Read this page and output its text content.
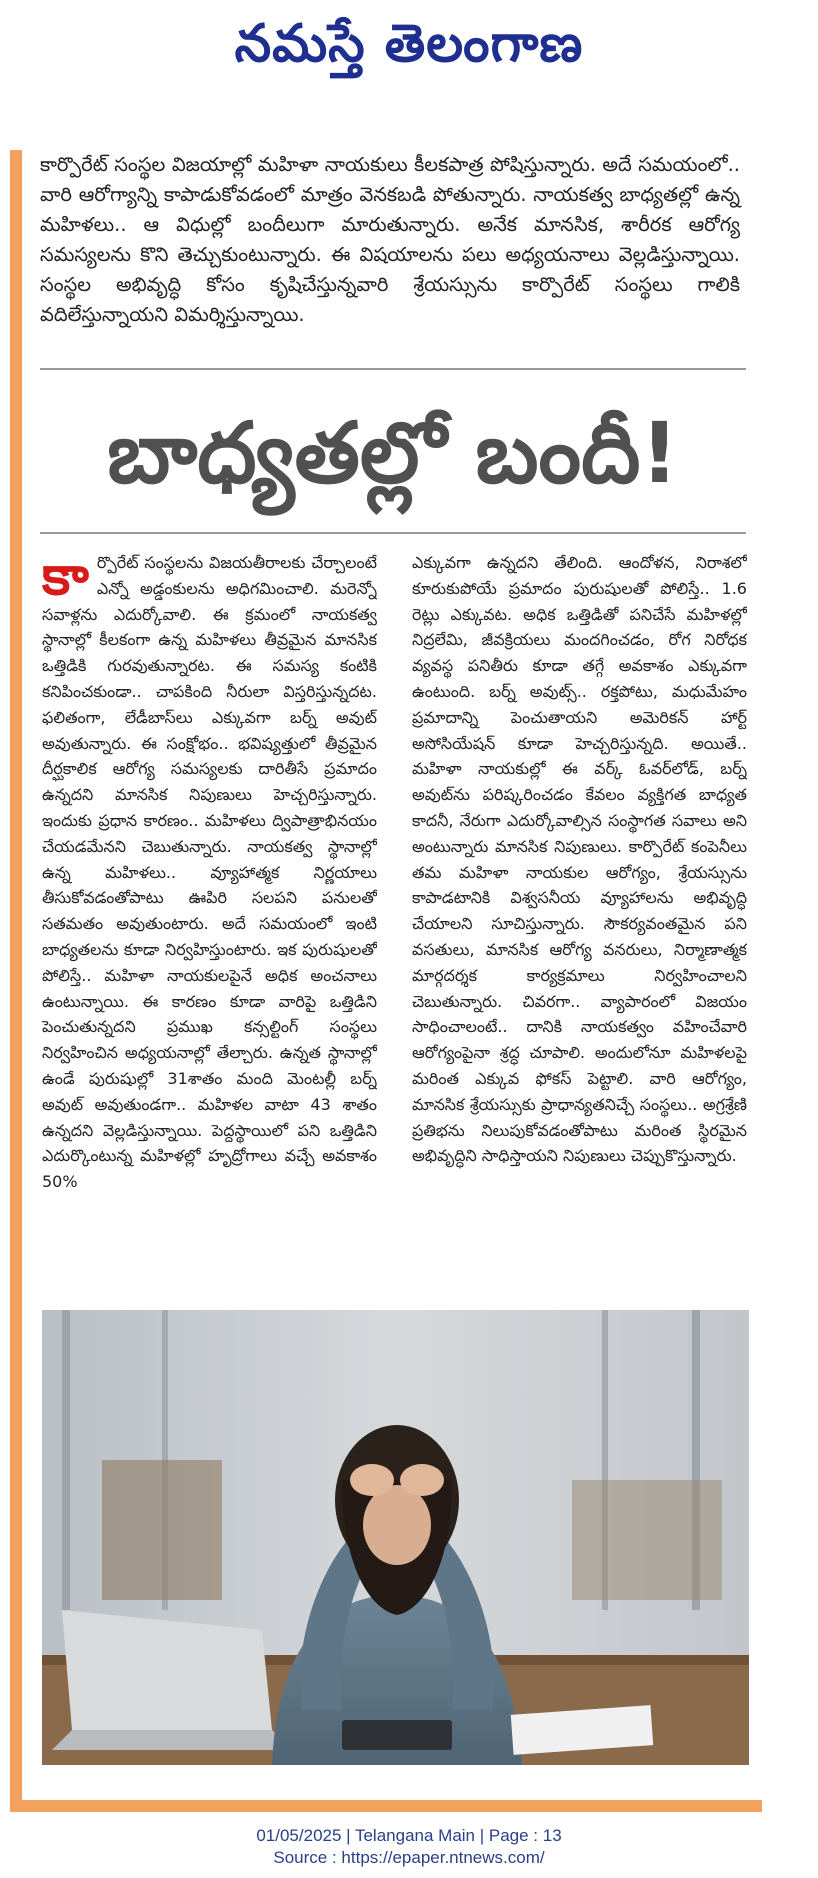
నమస్తే తెలంగాణ
కార్పొరేట్ సంస్థల విజయాల్లో మహిళా నాయకులు కీలకపాత్ర పోషిస్తున్నారు. అదే సమయంలో.. వారి ఆరోగ్యాన్ని కాపాడుకోవడంలో మాత్రం వెనకబడి పోతున్నారు. నాయకత్వ బాధ్యతల్లో ఉన్న మహిళలు.. ఆ విధుల్లో బందీలుగా మారుతున్నారు. అనేక మానసిక, శారీరక ఆరోగ్య సమస్యలను కొని తెచ్చుకుంటున్నారు. ఈ విషయాలను పలు అధ్యయనాలు వెల్లడిస్తున్నాయి. సంస్థల అభివృద్ధి కోసం కృషిచేస్తున్నవారి శ్రేయస్సును కార్పొరేట్ సంస్థలు గాలికి వదిలేస్తున్నాయని విమర్శిస్తున్నాయి.
బాధ్యతల్లో బందీ!
కా ర్పొరేట్ సంస్థలను విజయతీరాలకు చేర్చాలంటే ఎన్నో అడ్డంకులను అధిగమించాలి. మరెన్నో సవాళ్లను ఎదుర్కోవాలి. ఈ క్రమంలో నాయకత్వ స్థానాల్లో కీలకంగా ఉన్న మహిళలు తీవ్రమైన మానసిక ఒత్తిడికి గురవుతున్నారట. ఈ సమస్య కంటికి కనిపించకుండా.. చాపకింది నీరులా విస్తరిస్తున్నదట. ఫలితంగా, లేడీబాస్‌లు ఎక్కువగా బర్న్ అవుట్ అవుతున్నారు. ఈ సంక్షోభం.. భవిష్యత్తులో తీవ్రమైన దీర్ఘకాలిక ఆరోగ్య సమస్యలకు దారితీసే ప్రమాదం ఉన్నదని మానసిక నిపుణులు హెచ్చరిస్తున్నారు. ఇందుకు ప్రధాన కారణం.. మహిళలు ద్విపాత్రాభినయం చేయడమేనని చెబుతున్నారు. నాయకత్వ స్థానాల్లో ఉన్న మహిళలు.. వ్యూహాత్మక నిర్ణయాలు తీసుకోవడంతోపాటు ఊపిరి సలపని పనులతో సతమతం అవుతుంటారు. అదే సమయంలో ఇంటి బాధ్యతలను కూడా నిర్వహిస్తుంటారు. ఇక పురుషులతో పోలిస్తే.. మహిళా నాయకులపైనే అధిక అంచనాలు ఉంటున్నాయి. ఈ కారణం కూడా వారిపై ఒత్తిడిని పెంచుతున్నదని ప్రముఖ కన్సల్టింగ్ సంస్థలు నిర్వహించిన అధ్యయనాల్లో తేల్చారు. ఉన్నత స్థానాల్లో ఉండే పురుషుల్లో 31శాతం మంది మెంటల్లీ బర్న్ అవుట్ అవుతుండగా.. మహిళల వాటా 43 శాతం ఉన్నదని వెల్లడిస్తున్నాయి. పెద్దస్థాయిలో పని ఒత్తిడిని ఎదుర్కొంటున్న మహిళల్లో హృద్రోగాలు వచ్చే అవకాశం 50%
ఎక్కువగా ఉన్నదని తేలింది. ఆందోళన, నిరాశలో కూరుకుపోయే ప్రమాదం పురుషులతో పోలిస్తే.. 1.6 రెట్లు ఎక్కువట. అధిక ఒత్తిడితో పనిచేసే మహిళల్లో నిద్రలేమి, జీవక్రియలు మందగించడం, రోగ నిరోధక వ్యవస్థ పనితీరు కూడా తగ్గే అవకాశం ఎక్కువగా ఉంటుంది. బర్న్ అవుట్స్.. రక్తపోటు, మధుమేహం ప్రమాదాన్ని పెంచుతాయని అమెరికన్ హార్ట్ అసోసియేషన్ కూడా హెచ్చరిస్తున్నది. అయితే.. మహిళా నాయకుల్లో ఈ వర్క్ ఓవర్‌లోడ్, బర్న్ అవుట్‌ను పరిష్కరించడం కేవలం వ్యక్తిగత బాధ్యత కాదనీ, నేరుగా ఎదుర్కోవాల్సిన సంస్థాగత సవాలు అని అంటున్నారు మానసిక నిపుణులు. కార్పొరేట్ కంపెనీలు తమ మహిళా నాయకుల ఆరోగ్యం, శ్రేయస్సును కాపాడటానికి విశ్వసనీయ వ్యూహాలను అభివృద్ధి చేయాలని సూచిస్తున్నారు. సౌకర్యవంతమైన పని వసతులు, మానసిక ఆరోగ్య వనరులు, నిర్మాణాత్మక మార్గదర్శక కార్యక్రమాలు నిర్వహించాలని చెబుతున్నారు. చివరగా.. వ్యాపారంలో విజయం సాధించాలంటే.. దానికి నాయకత్వం వహించేవారి ఆరోగ్యంపైనా శ్రద్ధ చూపాలి. అందులోనూ మహిళలపై మరింత ఎక్కువ ఫోకస్ పెట్టాలి. వారి ఆరోగ్యం, మానసిక శ్రేయస్సుకు ప్రాధాన్యతనిచ్చే సంస్థలు.. అగ్రశ్రేణి ప్రతిభను నిలుపుకోవడంతోపాటు మరింత స్థిరమైన అభివృద్ధిని సాధిస్తాయని నిపుణులు చెప్పుకొస్తున్నారు.
01/05/2025 | Telangana Main | Page : 13
Source : https://epaper.ntnews.com/
